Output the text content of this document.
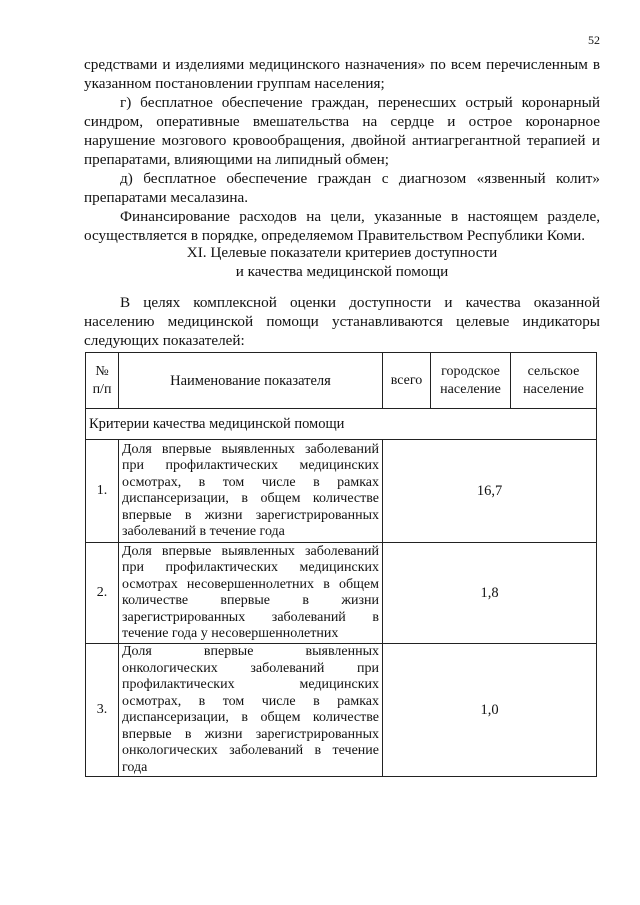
52

средствами и изделиями медицинского назначения» по всем перечисленным в указанном постановлении группам населения;

г) бесплатное обеспечение граждан, перенесших острый коронарный синдром, оперативные вмешательства на сердце и острое коронарное нарушение мозгового кровообращения, двойной антиагрегантной терапией и препаратами, влияющими на липидный обмен;

д) бесплатное обеспечение граждан с диагнозом «язвенный колит» препаратами месалазина.

Финансирование расходов на цели, указанные в настоящем разделе, осуществляется в порядке, определяемом Правительством Республики Коми.

XI. Целевые показатели критериев доступности
и качества медицинской помощи

В целях комплексной оценки доступности и качества оказанной населению медицинской помощи устанавливаются целевые индикаторы следующих показателей:

№ п/п	Наименование показателя	всего	городское население	сельское население
Критерии качества медицинской помощи				
1.	Доля впервые выявленных заболеваний при профилактических медицинских осмотрах, в том числе в рамках диспансеризации, в общем количестве впервые в жизни зарегистрированных заболеваний в течение года	16,7		
2.	Доля впервые выявленных заболеваний при профилактических медицинских осмотрах несовершеннолетних в общем количестве впервые в жизни зарегистрированных заболеваний в течение года у несовершеннолетних	1,8		
3.	Доля впервые выявленных онкологических заболеваний при профилактических медицинских осмотрах, в том числе в рамках диспансеризации, в общем количестве впервые в жизни зарегистрированных онкологических заболеваний в течение года	1,0		
